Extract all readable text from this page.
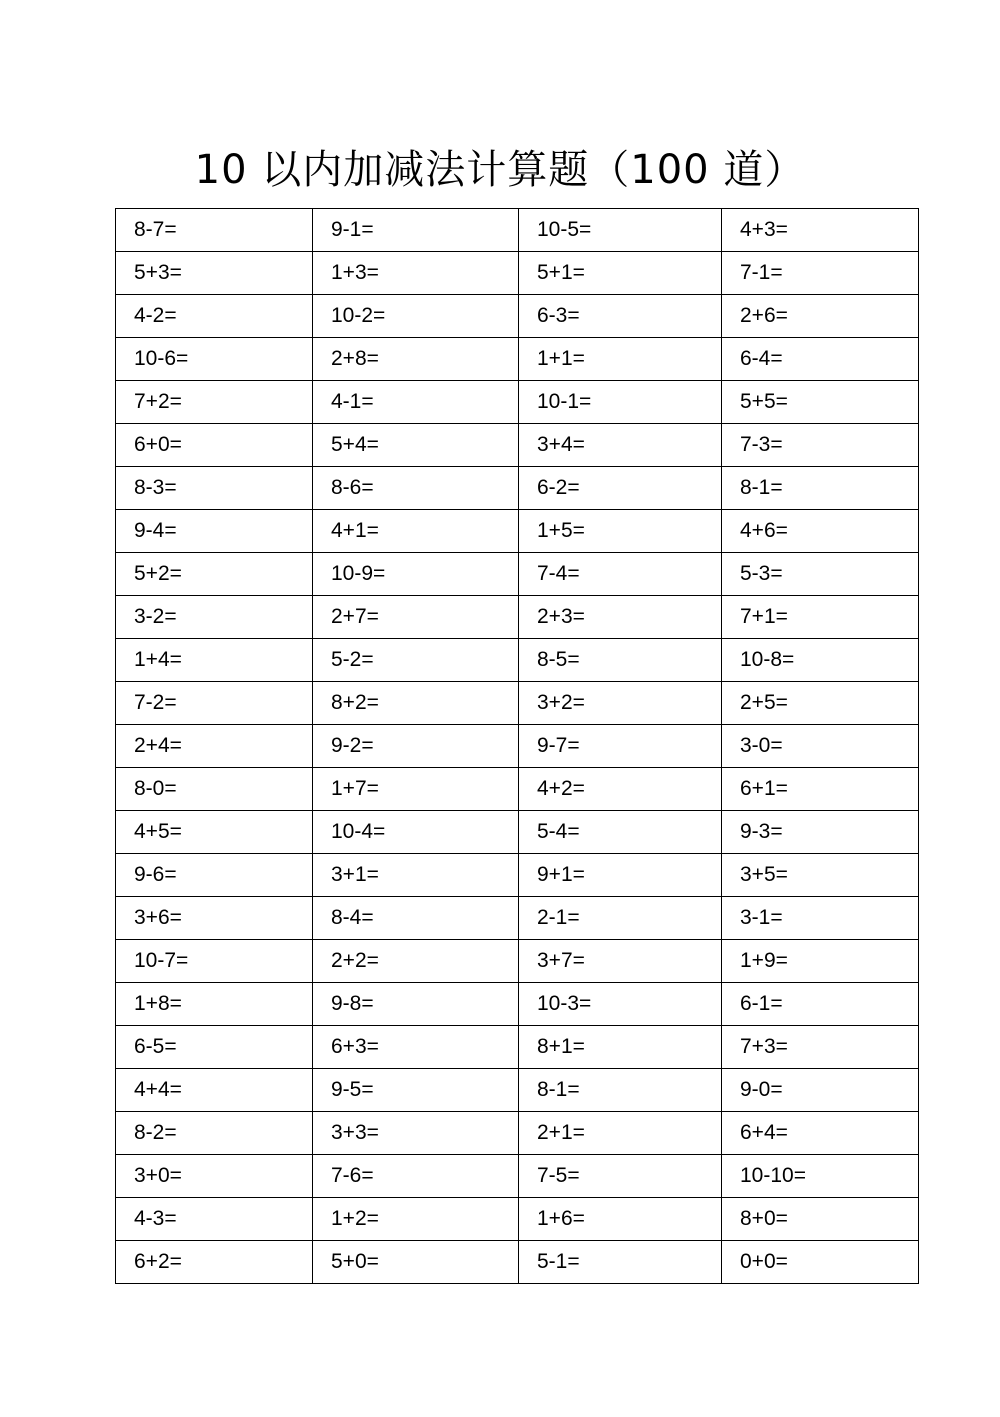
10 以内加减法计算题（100 道）
8-7=	9-1=	10-5=	4+3=
5+3=	1+3=	5+1=	7-1=
4-2=	10-2=	6-3=	2+6=
10-6=	2+8=	1+1=	6-4=
7+2=	4-1=	10-1=	5+5=
6+0=	5+4=	3+4=	7-3=
8-3=	8-6=	6-2=	8-1=
9-4=	4+1=	1+5=	4+6=
5+2=	10-9=	7-4=	5-3=
3-2=	2+7=	2+3=	7+1=
1+4=	5-2=	8-5=	10-8=
7-2=	8+2=	3+2=	2+5=
2+4=	9-2=	9-7=	3-0=
8-0=	1+7=	4+2=	6+1=
4+5=	10-4=	5-4=	9-3=
9-6=	3+1=	9+1=	3+5=
3+6=	8-4=	2-1=	3-1=
10-7=	2+2=	3+7=	1+9=
1+8=	9-8=	10-3=	6-1=
6-5=	6+3=	8+1=	7+3=
4+4=	9-5=	8-1=	9-0=
8-2=	3+3=	2+1=	6+4=
3+0=	7-6=	7-5=	10-10=
4-3=	1+2=	1+6=	8+0=
6+2=	5+0=	5-1=	0+0=
